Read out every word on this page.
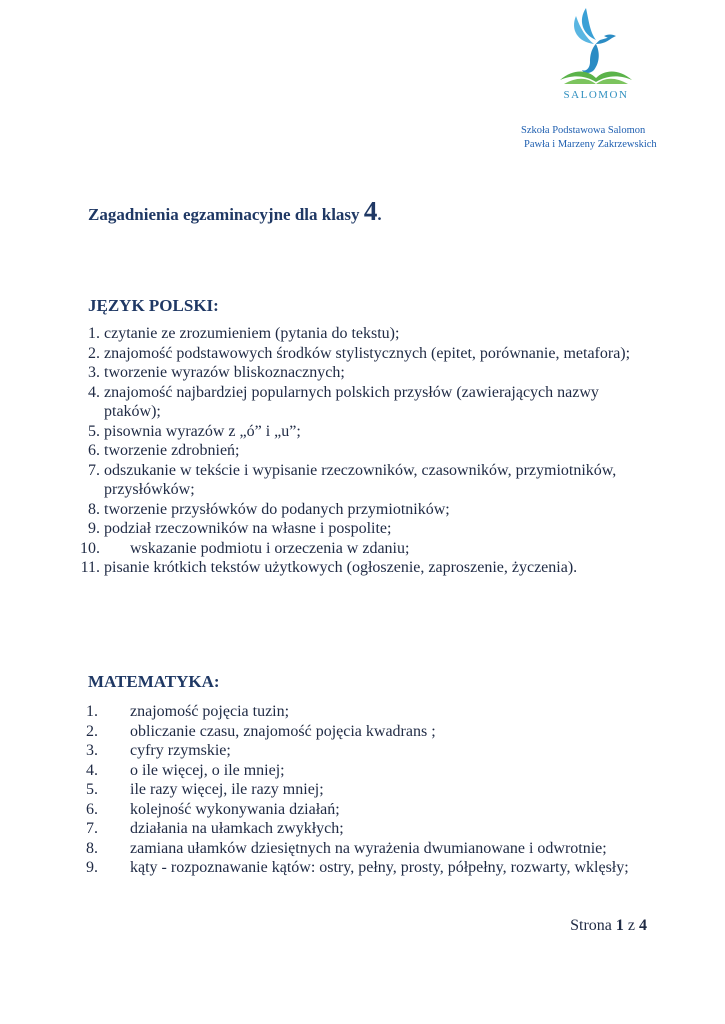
SALOMON
Szkoła Podstawowa Salomon
Pawła i Marzeny Zakrzewskich
Zagadnienia egzaminacyjne dla klasy 4.
JĘZYK POLSKI:
1. czytanie ze zrozumieniem (pytania do tekstu);
2. znajomość podstawowych środków stylistycznych (epitet, porównanie, metafora);
3. tworzenie wyrazów bliskoznacznych;
4. znajomość najbardziej popularnych polskich przysłów (zawierających nazwy ptaków);
5. pisownia wyrazów z „ó” i „u”;
6. tworzenie zdrobnień;
7. odszukanie w tekście i wypisanie rzeczowników, czasowników, przymiotników, przysłówków;
8. tworzenie przysłówków do podanych przymiotników;
9. podział rzeczowników na własne i pospolite;
10. wskazanie podmiotu i orzeczenia w zdaniu;
11. pisanie krótkich tekstów użytkowych (ogłoszenie, zaproszenie, życzenia).
MATEMATYKA:
1. znajomość pojęcia tuzin;
2. obliczanie czasu, znajomość pojęcia kwadrans ;
3. cyfry rzymskie;
4. o ile więcej, o ile mniej;
5. ile razy więcej, ile razy mniej;
6. kolejność wykonywania działań;
7. działania na ułamkach zwykłych;
8. zamiana ułamków dziesiętnych na wyrażenia dwumianowane i odwrotnie;
9. kąty - rozpoznawanie kątów: ostry, pełny, prosty, półpełny, rozwarty, wklęsły;
Strona 1 z 4
